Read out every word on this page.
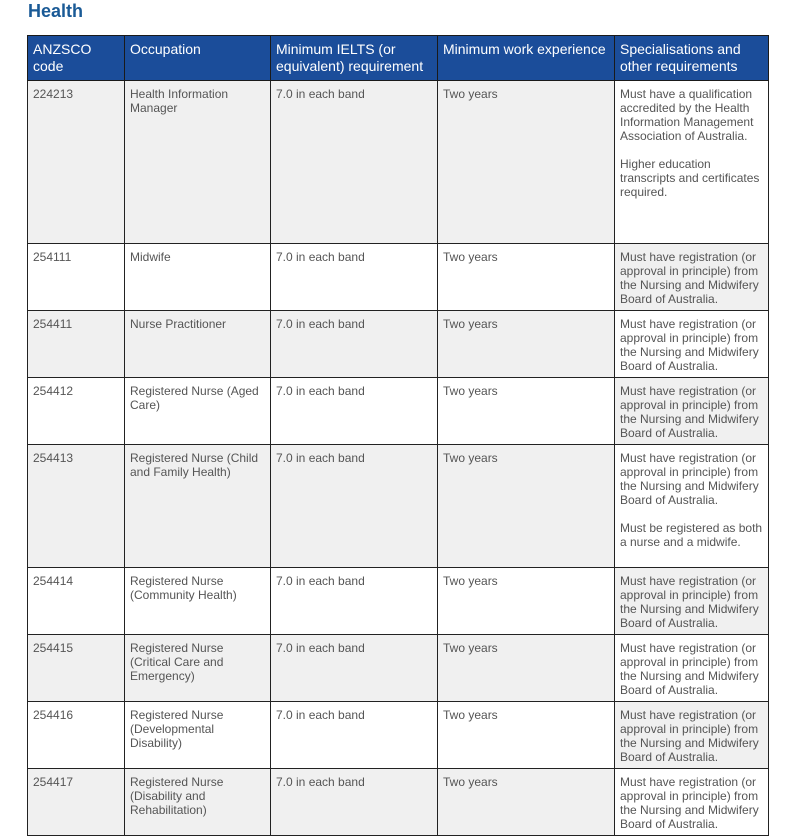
Health
ANZSCO code	Occupation	Minimum IELTS (or equivalent) requirement	Minimum work experience	Specialisations and other requirements
224213	Health Information Manager	7.0 in each band	Two years	Must have a qualification accredited by the Health Information Management Association of Australia.

Higher education transcripts and certificates required.

254111	Midwife	7.0 in each band	Two years	Must have registration (or approval in principle) from the Nursing and Midwifery Board of Australia.

254411	Nurse Practitioner	7.0 in each band	Two years	Must have registration (or approval in principle) from the Nursing and Midwifery Board of Australia.

254412	Registered Nurse (Aged Care)	7.0 in each band	Two years	Must have registration (or approval in principle) from the Nursing and Midwifery Board of Australia.

254413	Registered Nurse (Child and Family Health)	7.0 in each band	Two years	Must have registration (or approval in principle) from the Nursing and Midwifery Board of Australia.

Must be registered as both a nurse and a midwife.

254414	Registered Nurse (Community Health)	7.0 in each band	Two years	Must have registration (or approval in principle) from the Nursing and Midwifery Board of Australia.

254415	Registered Nurse (Critical Care and Emergency)	7.0 in each band	Two years	Must have registration (or approval in principle) from the Nursing and Midwifery Board of Australia.

254416	Registered Nurse (Developmental Disability)	7.0 in each band	Two years	Must have registration (or approval in principle) from the Nursing and Midwifery Board of Australia.

254417	Registered Nurse (Disability and Rehabilitation)	7.0 in each band	Two years	Must have registration (or approval in principle) from the Nursing and Midwifery Board of Australia.
